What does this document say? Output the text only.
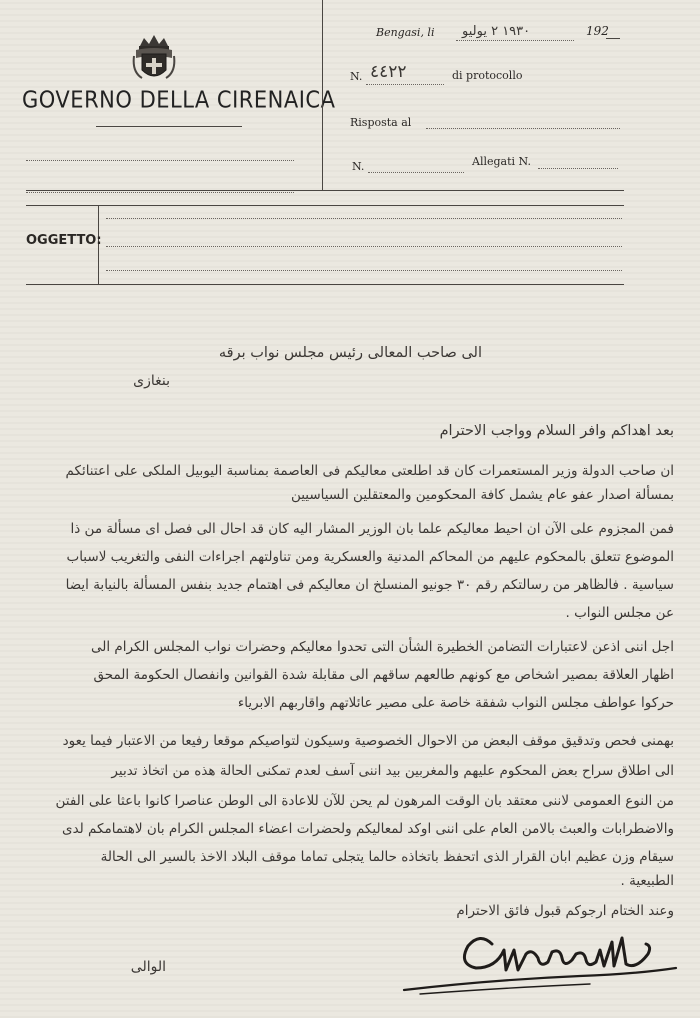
GOVERNO DELLA CIRENAICA
Bengasi, li ١٩٣٠ ٢ يوليو	192
N. ٤٤٢٢	di protocollo
Risposta al
N.	Allegati N.
OGGETTO:
الى صاحب المعالى رئيس مجلس نواب برقه
بنغازى
بعد اهداكم وافر السلام وواجب الاحترام
ان صاحب الدولة وزير المستعمرات كان قد اطلعتى معاليكم فى العاصمة بمناسبة اليوبيل الملكى على اعتنائكم
بمسألة اصدار عفو عام يشمل كافة المحكومين والمعتقلين السياسيين
فمن المجزوم على الآن ان احيط معاليكم علما بان الوزير المشار اليه كان قد احال الى فصل اى مسألة من ذا
الموضوع تتعلق بالمحكوم عليهم من المحاكم المدنية والعسكرية ومن تناولتهم اجراءات النفى والتغريب لاسباب
سياسية . فالظاهر من رسالتكم رقم ٣٠ جونيو المنسلخ ان معاليكم فى اهتمام جديد بنفس المسألة بالنيابة ايضا
عن مجلس النواب .
اجل اننى اذعن لاعتبارات التضامن الخطيرة الشأن التى تحدوا معاليكم وحضرات نواب المجلس الكرام الى
اظهار العلاقة بمصير اشخاص مع كونهم طالعهم ساقهم الى مقابلة شدة القوانين وانفصال الحكومة المحق
حركوا عواطف مجلس النواب شفقة خاصة على مصير عائلاتهم واقاربهم الابرياء
بهمنى فحص وتدقيق موقف البعض من الاحوال الخصوصية وسيكون لتواصيكم موقعا رفيعا من الاعتبار فيما يعود
الى اطلاق سراح بعض المحكوم عليهم والمغربين بيد اننى آسف لعدم تمكنى الحالة هذه من اتخاذ تدبير
من النوع العمومى لاننى معتقد بان الوقت المرهون لم يحن للآن للاعادة الى الوطن عناصرا كانوا باعثا على الفتن
والاضطرابات والعبث بالامن العام على اننى اوكد لمعاليكم ولحضرات اعضاء المجلس الكرام بان لاهتمامكم لدى
سيقام وزن عظيم ابان القرار الذى اتحفظ باتخاذه حالما يتجلى تماما موقف البلاد الاخذ بالسير الى الحالة
الطبيعية .
وعند الختام ارجوكم قبول فائق الاحترام
الوالى
